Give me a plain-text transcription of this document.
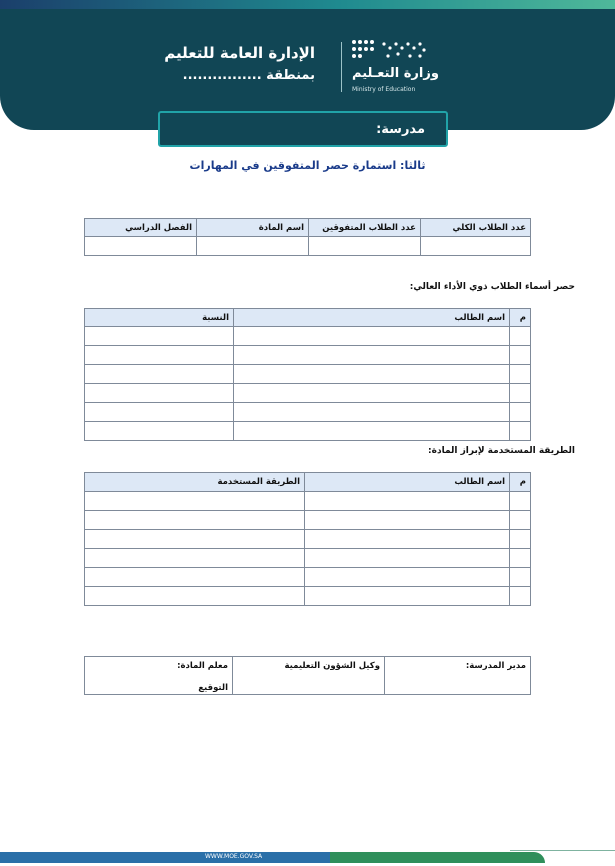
الإدارة العامة للتعليم
بمنطقة ................	وزارة التعـليم
Ministry of Education
مدرسة:
ثالثا: استمارة حصر المتفوقين في المهارات
عدد الطلاب الكلي	عدد الطلاب المتفوقين	اسم المادة	الفصل الدراسي

حصر أسماء الطلاب ذوي الأداء العالي:
م	اسم الطالب	النسبة

الطريقة المستخدمة لإبراز المادة:
م	اسم الطالب	الطريقة المستخدمة

مدير المدرسة:	وكيل الشؤون التعليمية	معلم المادة:
التوقيع
WWW.MOE.GOV.SA
